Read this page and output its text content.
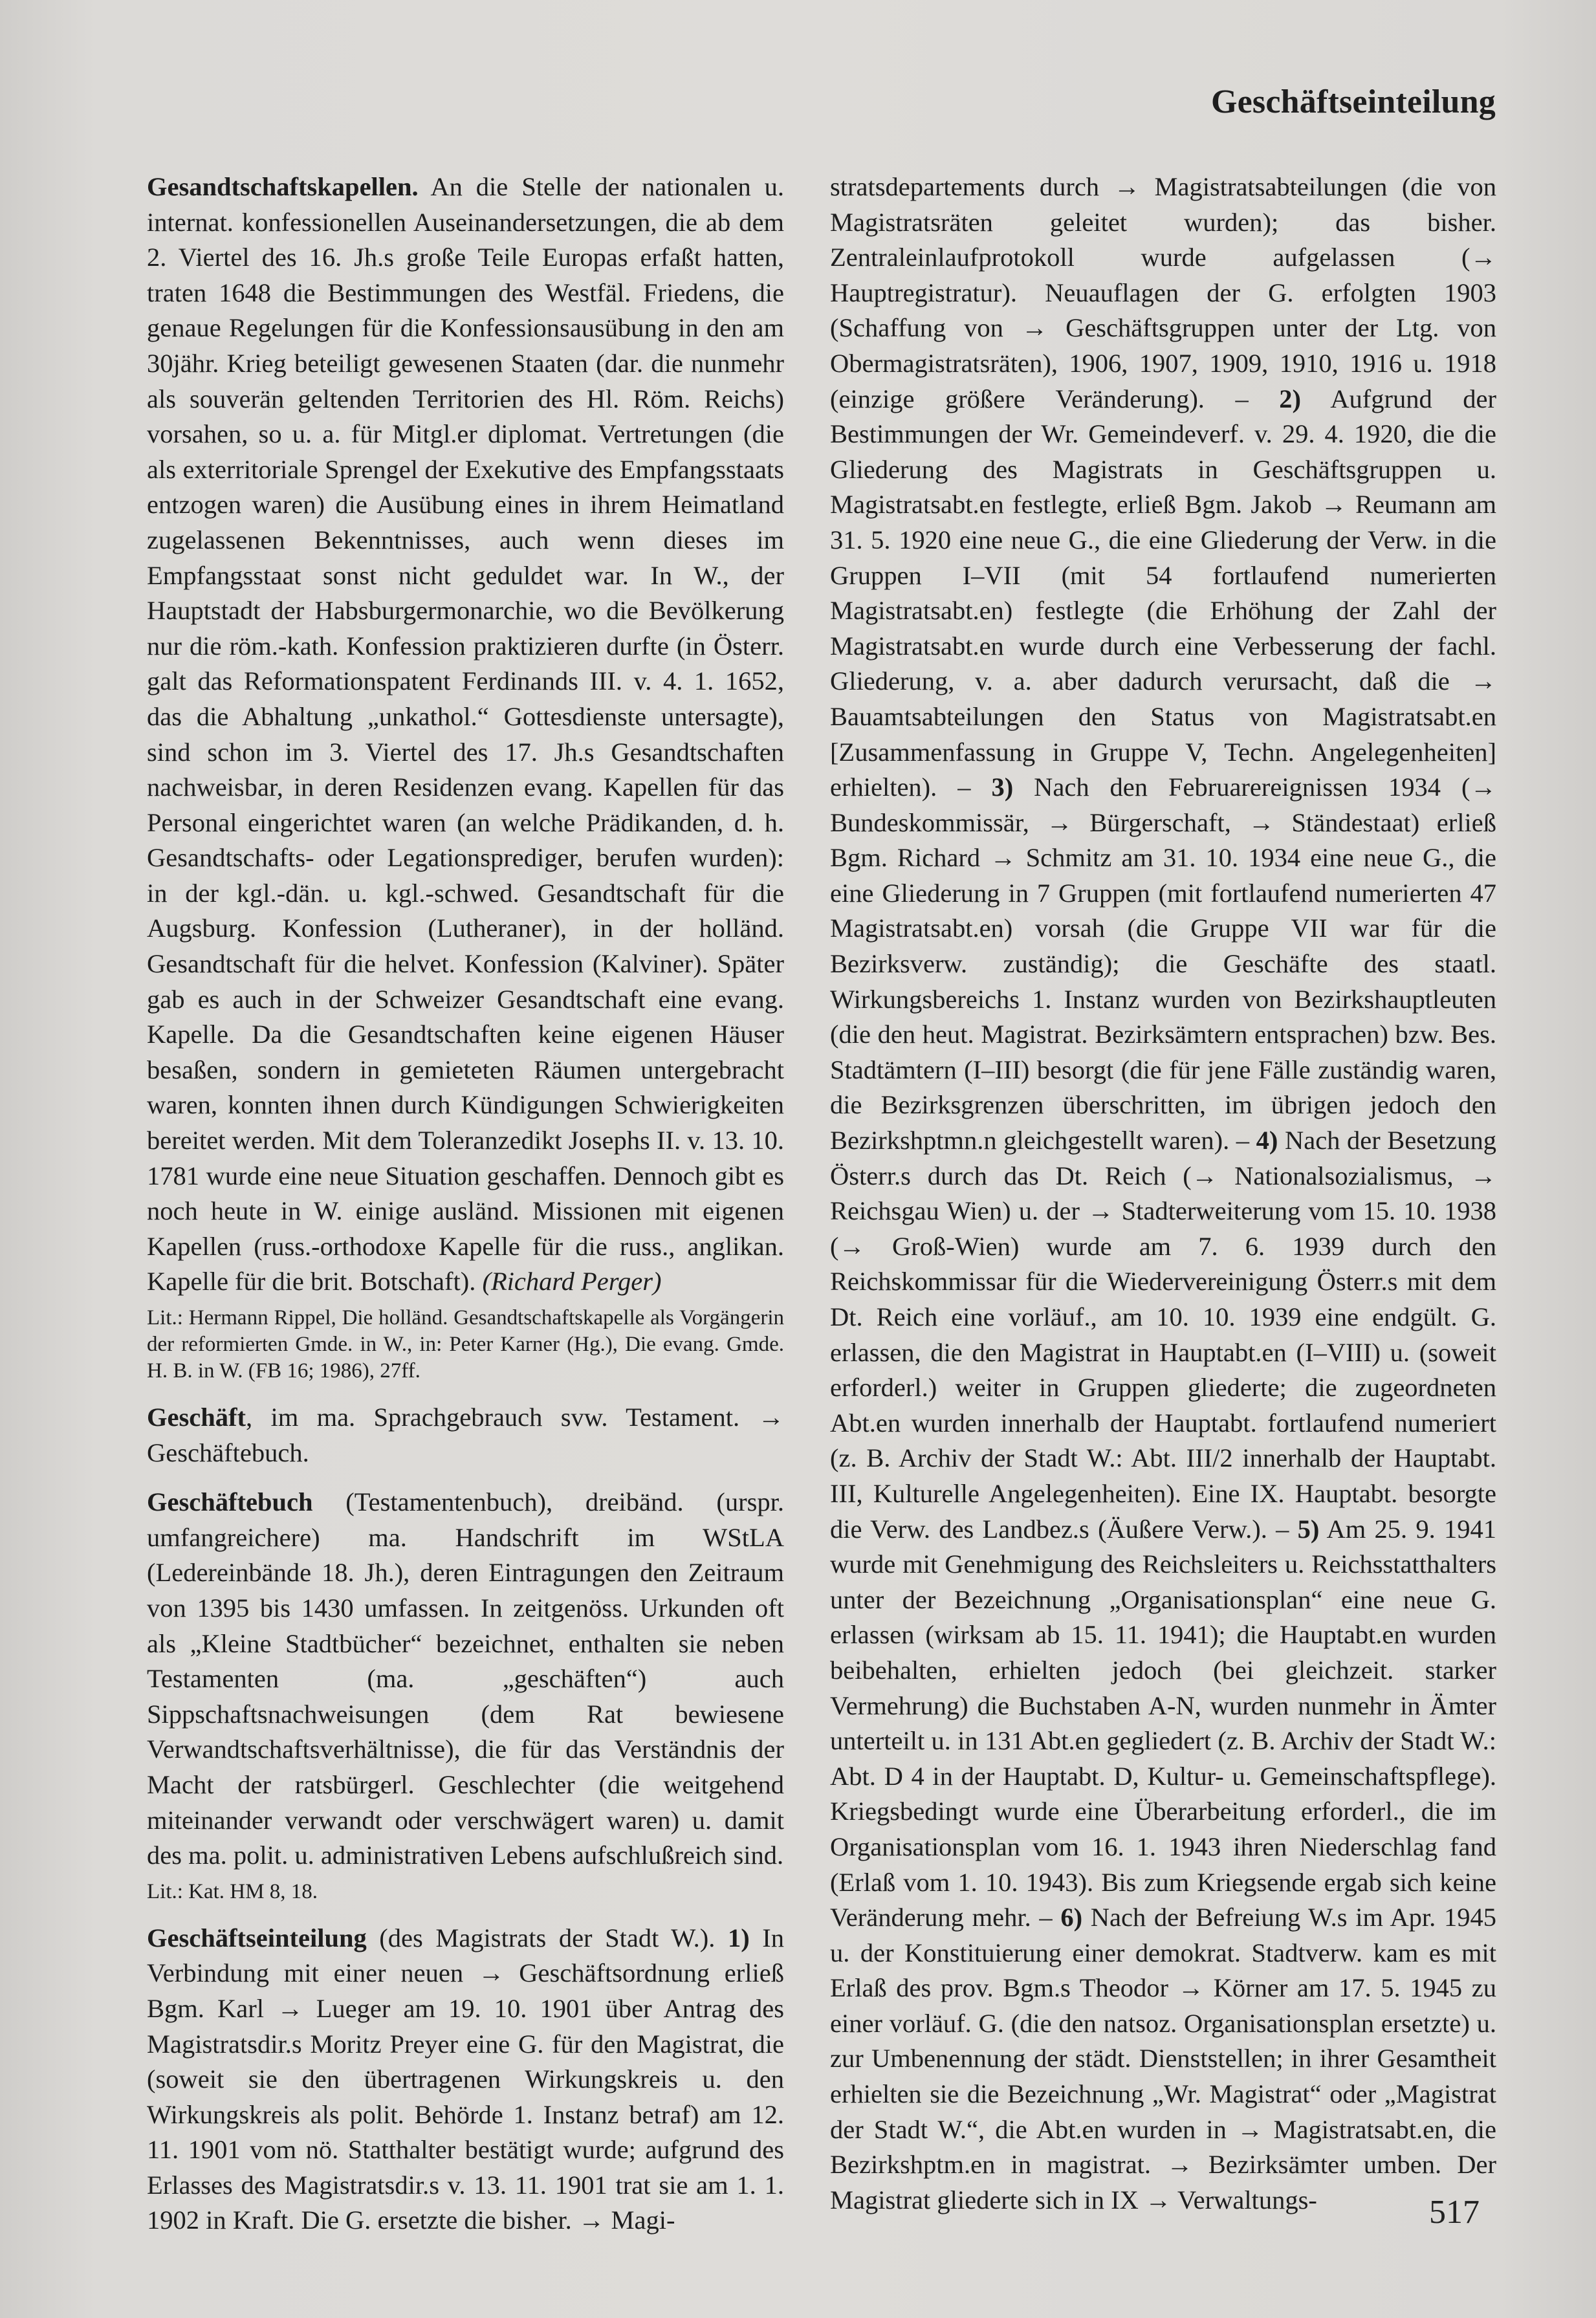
Geschäftseinteilung

Gesandtschaftskapellen. An die Stelle der nationalen u. internat. konfessionellen Auseinandersetzungen, die ab dem 2. Viertel des 16. Jh.s große Teile Europas erfaßt hatten, traten 1648 die Bestimmungen des Westfäl. Friedens, die genaue Regelungen für die Konfessionsausübung in den am 30jähr. Krieg beteiligt gewesenen Staaten (dar. die nunmehr als souverän geltenden Territorien des Hl. Röm. Reichs) vorsahen, so u. a. für Mitgl.er diplomat. Vertretungen (die als exterritoriale Sprengel der Exekutive des Empfangsstaats entzogen waren) die Ausübung eines in ihrem Heimatland zugelassenen Bekenntnisses, auch wenn dieses im Empfangsstaat sonst nicht geduldet war. In W., der Hauptstadt der Habsburgermonarchie, wo die Bevölkerung nur die röm.-kath. Konfession praktizieren durfte (in Österr. galt das Reformationspatent Ferdinands III. v. 4. 1. 1652, das die Abhaltung „unkathol.“ Gottesdienste untersagte), sind schon im 3. Viertel des 17. Jh.s Gesandtschaften nachweisbar, in deren Residenzen evang. Kapellen für das Personal eingerichtet waren (an welche Prädikanden, d. h. Gesandtschafts- oder Legationsprediger, berufen wurden): in der kgl.-dän. u. kgl.-schwed. Gesandtschaft für die Augsburg. Konfession (Lutheraner), in der holländ. Gesandtschaft für die helvet. Konfession (Kalviner). Später gab es auch in der Schweizer Gesandtschaft eine evang. Kapelle. Da die Gesandtschaften keine eigenen Häuser besaßen, sondern in gemieteten Räumen untergebracht waren, konnten ihnen durch Kündigungen Schwierigkeiten bereitet werden. Mit dem Toleranzedikt Josephs II. v. 13. 10. 1781 wurde eine neue Situation geschaffen. Dennoch gibt es noch heute in W. einige ausländ. Missionen mit eigenen Kapellen (russ.-orthodoxe Kapelle für die russ., anglikan. Kapelle für die brit. Botschaft). (Richard Perger)

Lit.: Hermann Rippel, Die holländ. Gesandtschaftskapelle als Vorgängerin der reformierten Gmde. in W., in: Peter Karner (Hg.), Die evang. Gmde. H. B. in W. (FB 16; 1986), 27ff.

Geschäft, im ma. Sprachgebrauch svw. Testament. → Geschäftebuch.

Geschäftebuch (Testamentenbuch), dreibänd. (urspr. umfangreichere) ma. Handschrift im WStLA (Ledereinbände 18. Jh.), deren Eintragungen den Zeitraum von 1395 bis 1430 umfassen. In zeitgenöss. Urkunden oft als „Kleine Stadtbücher“ bezeichnet, enthalten sie neben Testamenten (ma. „geschäften“) auch Sippschaftsnachweisungen (dem Rat bewiesene Verwandtschaftsverhältnisse), die für das Verständnis der Macht der ratsbürgerl. Geschlechter (die weitgehend miteinander verwandt oder verschwägert waren) u. damit des ma. polit. u. administrativen Lebens aufschlußreich sind.

Lit.: Kat. HM 8, 18.

Geschäftseinteilung (des Magistrats der Stadt W.). 1) In Verbindung mit einer neuen → Geschäftsordnung erließ Bgm. Karl → Lueger am 19. 10. 1901 über Antrag des Magistratsdir.s Moritz Preyer eine G. für den Magistrat, die (soweit sie den übertragenen Wirkungskreis u. den Wirkungskreis als polit. Behörde 1. Instanz betraf) am 12. 11. 1901 vom nö. Statthalter bestätigt wurde; aufgrund des Erlasses des Magistratsdir.s v. 13. 11. 1901 trat sie am 1. 1. 1902 in Kraft. Die G. ersetzte die bisher. → Magi-

stratsdepartements durch → Magistratsabteilungen (die von Magistratsräten geleitet wurden); das bisher. Zentraleinlaufprotokoll wurde aufgelassen (→ Hauptregistratur). Neuauflagen der G. erfolgten 1903 (Schaffung von → Geschäftsgruppen unter der Ltg. von Obermagistratsräten), 1906, 1907, 1909, 1910, 1916 u. 1918 (einzige größere Veränderung). – 2) Aufgrund der Bestimmungen der Wr. Gemeindeverf. v. 29. 4. 1920, die die Gliederung des Magistrats in Geschäftsgruppen u. Magistratsabt.en festlegte, erließ Bgm. Jakob → Reumann am 31. 5. 1920 eine neue G., die eine Gliederung der Verw. in die Gruppen I–VII (mit 54 fortlaufend numerierten Magistratsabt.en) festlegte (die Erhöhung der Zahl der Magistratsabt.en wurde durch eine Verbesserung der fachl. Gliederung, v. a. aber dadurch verursacht, daß die → Bauamtsabteilungen den Status von Magistratsabt.en [Zusammenfassung in Gruppe V, Techn. Angelegenheiten] erhielten). – 3) Nach den Februarereignissen 1934 (→ Bundeskommissär, → Bürgerschaft, → Ständestaat) erließ Bgm. Richard → Schmitz am 31. 10. 1934 eine neue G., die eine Gliederung in 7 Gruppen (mit fortlaufend numerierten 47 Magistratsabt.en) vorsah (die Gruppe VII war für die Bezirksverw. zuständig); die Geschäfte des staatl. Wirkungsbereichs 1. Instanz wurden von Bezirkshauptleuten (die den heut. Magistrat. Bezirksämtern entsprachen) bzw. Bes. Stadtämtern (I–III) besorgt (die für jene Fälle zuständig waren, die Bezirksgrenzen überschritten, im übrigen jedoch den Bezirkshptmn.n gleichgestellt waren). – 4) Nach der Besetzung Österr.s durch das Dt. Reich (→ Nationalsozialismus, → Reichsgau Wien) u. der → Stadterweiterung vom 15. 10. 1938 (→ Groß-Wien) wurde am 7. 6. 1939 durch den Reichskommissar für die Wiedervereinigung Österr.s mit dem Dt. Reich eine vorläuf., am 10. 10. 1939 eine endgült. G. erlassen, die den Magistrat in Hauptabt.en (I–VIII) u. (soweit erforderl.) weiter in Gruppen gliederte; die zugeordneten Abt.en wurden innerhalb der Hauptabt. fortlaufend numeriert (z. B. Archiv der Stadt W.: Abt. III/2 innerhalb der Hauptabt. III, Kulturelle Angelegenheiten). Eine IX. Hauptabt. besorgte die Verw. des Landbez.s (Äußere Verw.). – 5) Am 25. 9. 1941 wurde mit Genehmigung des Reichsleiters u. Reichsstatthalters unter der Bezeichnung „Organisationsplan“ eine neue G. erlassen (wirksam ab 15. 11. 1941); die Hauptabt.en wurden beibehalten, erhielten jedoch (bei gleichzeit. starker Vermehrung) die Buchstaben A-N, wurden nunmehr in Ämter unterteilt u. in 131 Abt.en gegliedert (z. B. Archiv der Stadt W.: Abt. D 4 in der Hauptabt. D, Kultur- u. Gemeinschaftspflege). Kriegsbedingt wurde eine Überarbeitung erforderl., die im Organisationsplan vom 16. 1. 1943 ihren Niederschlag fand (Erlaß vom 1. 10. 1943). Bis zum Kriegsende ergab sich keine Veränderung mehr. – 6) Nach der Befreiung W.s im Apr. 1945 u. der Konstituierung einer demokrat. Stadtverw. kam es mit Erlaß des prov. Bgm.s Theodor → Körner am 17. 5. 1945 zu einer vorläuf. G. (die den natsoz. Organisationsplan ersetzte) u. zur Umbenennung der städt. Dienststellen; in ihrer Gesamtheit erhielten sie die Bezeichnung „Wr. Magistrat“ oder „Magistrat der Stadt W.“, die Abt.en wurden in → Magistratsabt.en, die Bezirkshptm.en in magistrat. → Bezirksämter umben. Der Magistrat gliederte sich in IX → Verwaltungs-	517
